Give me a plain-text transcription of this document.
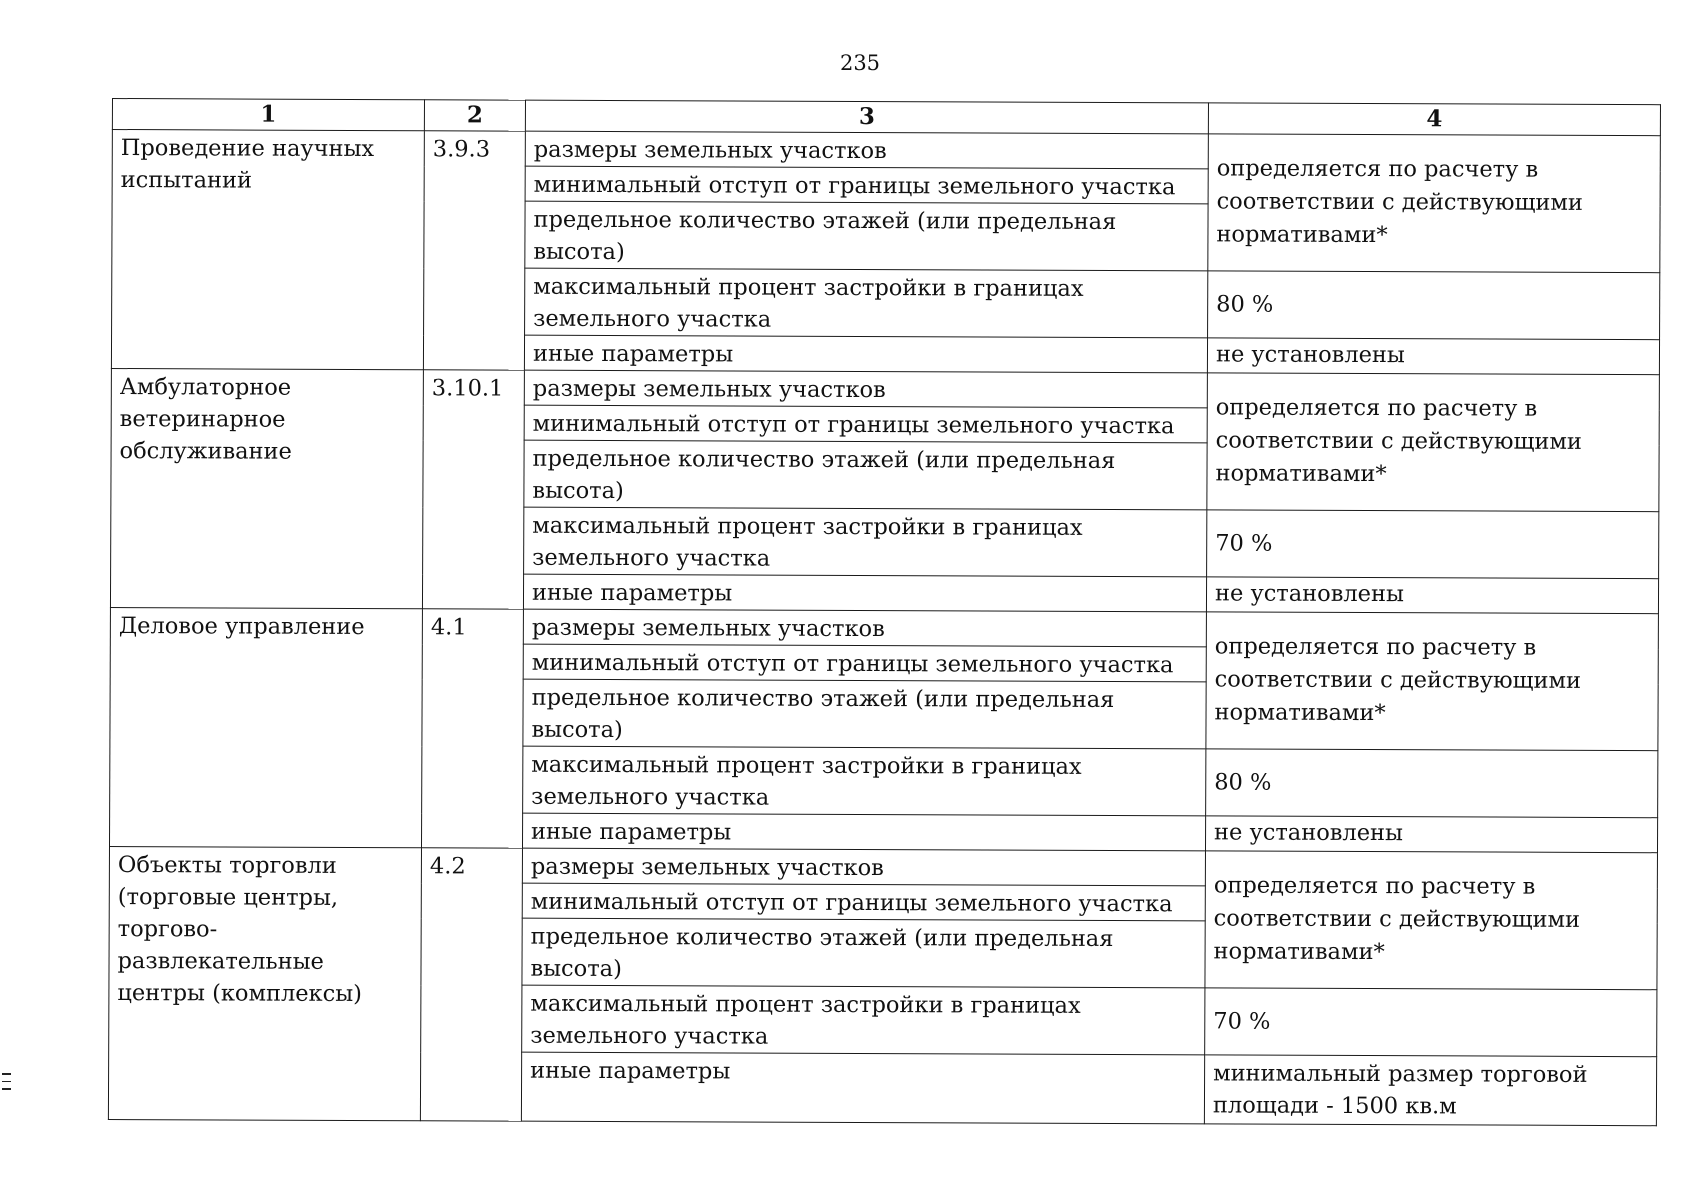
235
1	2	3	4
Проведение научных испытаний	3.9.3	размеры земельных участков	определяется по расчету в соответствии с действующими нормативами*
		минимальный отступ от границы земельного участка	
		предельное количество этажей (или предельная высота)	
		максимальный процент застройки в границах земельного участка	80 %
		иные параметры	не установлены
Амбулаторное ветеринарное обслуживание	3.10.1	размеры земельных участков	определяется по расчету в соответствии с действующими нормативами*
		минимальный отступ от границы земельного участка	
		предельное количество этажей (или предельная высота)	
		максимальный процент застройки в границах земельного участка	70 %
		иные параметры	не установлены
Деловое управление	4.1	размеры земельных участков	определяется по расчету в соответствии с действующими нормативами*
		минимальный отступ от границы земельного участка	
		предельное количество этажей (или предельная высота)	
		максимальный процент застройки в границах земельного участка	80 %
		иные параметры	не установлены
Объекты торговли (торговые центры, торгово-развлекательные центры (комплексы)	4.2	размеры земельных участков	определяется по расчету в соответствии с действующими нормативами*
		минимальный отступ от границы земельного участка	
		предельное количество этажей (или предельная высота)	
		максимальный процент застройки в границах земельного участка	70 %
		иные параметры	минимальный размер торговой площади - 1500 кв.м
